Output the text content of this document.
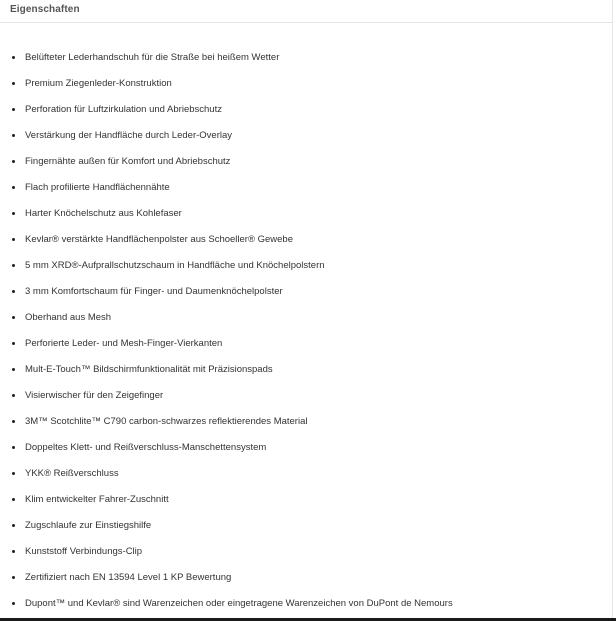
Eigenschaften
Belüfteter Lederhandschuh für die Straße bei heißem Wetter
Premium Ziegenleder-Konstruktion
Perforation für Luftzirkulation und Abriebschutz
Verstärkung der Handfläche durch Leder-Overlay
Fingernähte außen für Komfort und Abriebschutz
Flach profilierte Handflächennähte
Harter Knöchelschutz aus Kohlefaser
Kevlar® verstärkte Handflächenpolster aus Schoeller® Gewebe
5 mm XRD®-Aufprallschutzschaum in Handfläche und Knöchelpolstern
3 mm Komfortschaum für Finger- und Daumenknöchelpolster
Oberhand aus Mesh
Perforierte Leder- und Mesh-Finger-Vierkanten
Mult-E-Touch™ Bildschirmfunktionalität mit Präzisionspads
Visierwischer für den Zeigefinger
3M™ Scotchlite™ C790 carbon-schwarzes reflektierendes Material
Doppeltes Klett- und Reißverschluss-Manschettensystem
YKK® Reißverschluss
Klim entwickelter Fahrer-Zuschnitt
Zugschlaufe zur Einstiegshilfe
Kunststoff Verbindungs-Clip
Zertifiziert nach EN 13594 Level 1 KP Bewertung
Dupont™ und Kevlar® sind Warenzeichen oder eingetragene Warenzeichen von DuPont de Nemours
